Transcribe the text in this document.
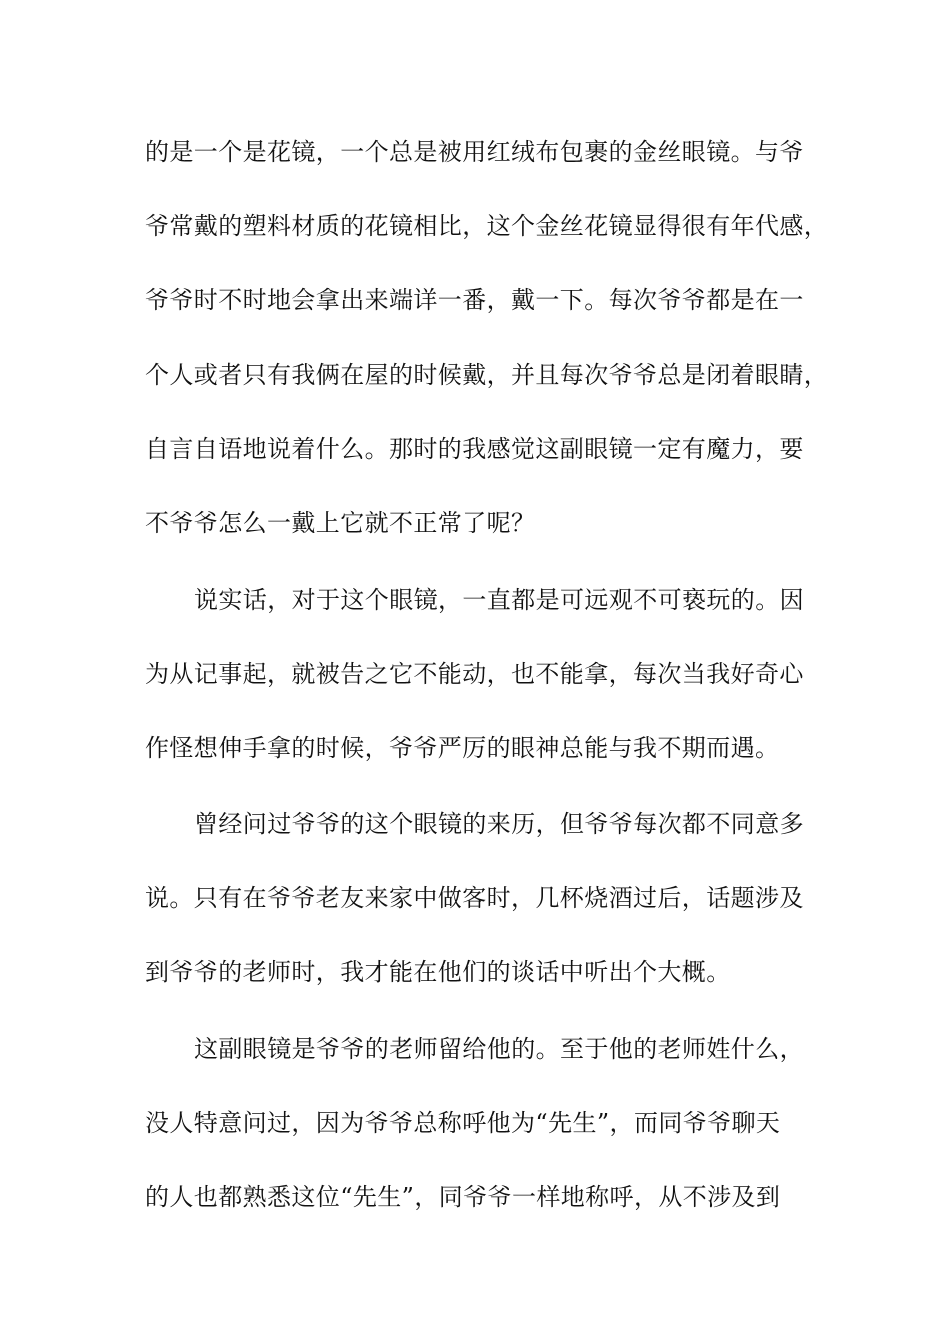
的是一个是花镜，一个总是被用红绒布包裹的金丝眼镜。与爷
爷常戴的塑料材质的花镜相比，这个金丝花镜显得很有年代感，
爷爷时不时地会拿出来端详一番，戴一下。每次爷爷都是在一
个人或者只有我俩在屋的时候戴，并且每次爷爷总是闭着眼睛，
自言自语地说着什么。那时的我感觉这副眼镜一定有魔力，要
不爷爷怎么一戴上它就不正常了呢？
说实话，对于这个眼镜，一直都是可远观不可亵玩的。因
为从记事起，就被告之它不能动，也不能拿，每次当我好奇心
作怪想伸手拿的时候，爷爷严厉的眼神总能与我不期而遇。
曾经问过爷爷的这个眼镜的来历，但爷爷每次都不同意多
说。只有在爷爷老友来家中做客时，几杯烧酒过后，话题涉及
到爷爷的老师时，我才能在他们的谈话中听出个大概。
这副眼镜是爷爷的老师留给他的。至于他的老师姓什么，
没人特意问过，因为爷爷总称呼他为“先生”，而同爷爷聊天
的人也都熟悉这位“先生”，同爷爷一样地称呼，从不涉及到
